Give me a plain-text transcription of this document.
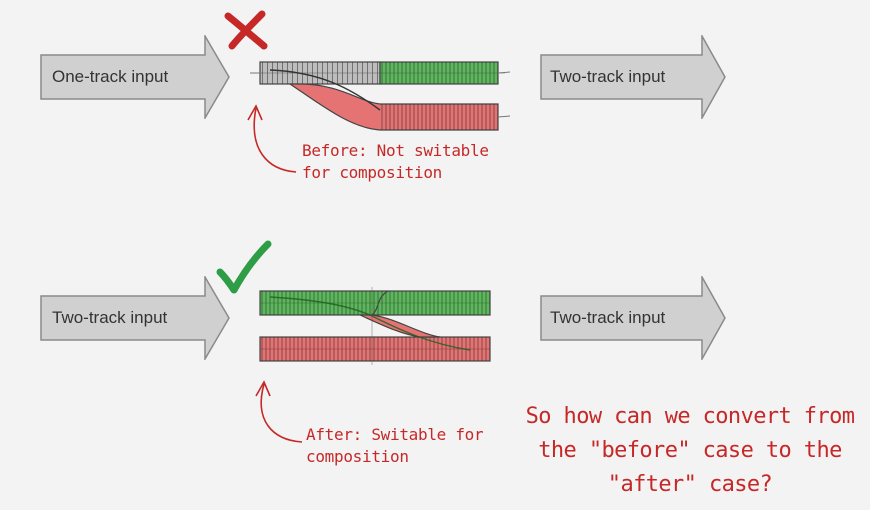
One-track input	Two-track input
Two-track input	Two-track input
Before: Not switable
for composition
After: Switable for
composition
So how can we convert from
the "before" case to the
"after" case?
